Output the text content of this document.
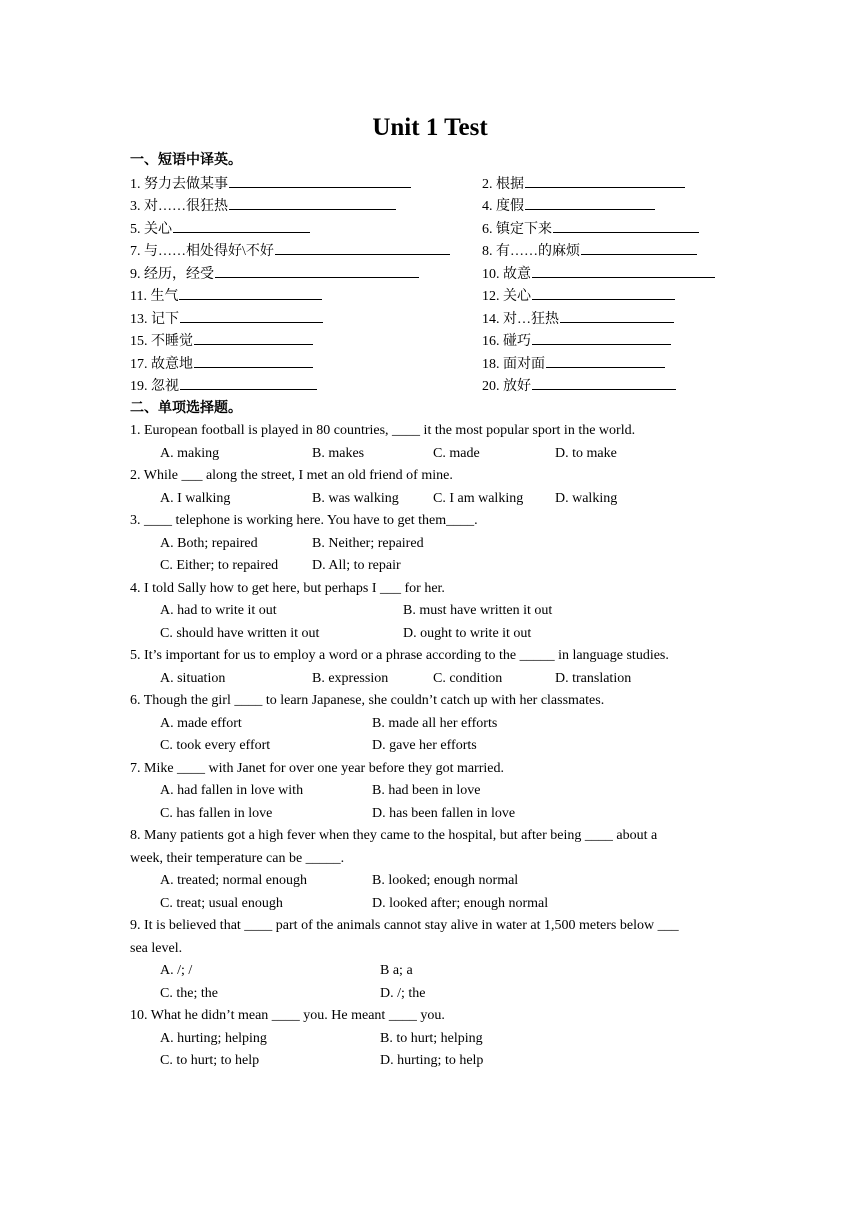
Unit 1 Test
一、短语中译英。
1. 努力去做某事	2. 根据
3. 对……很狂热	4. 度假
5. 关心	6. 镇定下来
7. 与……相处得好\不好	8. 有……的麻烦
9. 经历，经受	10. 故意
11. 生气	12. 关心
13. 记下	14. 对…狂热
15. 不睡觉	16. 碰巧
17. 故意地	18. 面对面
19. 忽视	20. 放好
二、单项选择题。
1. European football is played in 80 countries, ____ it the most popular sport in the world.
A. making	B. makes	C. made	D. to make
2. While ___ along the street, I met an old friend of mine.
A. I walking	B. was walking C. I am walking D. walking
3. ____ telephone is working here. You have to get them____.
A. Both; repaired	B. Neither; repaired
C. Either; to repaired D. All; to repair
4. I told Sally how to get here, but perhaps I ___ for her.
A. had to write it out	B. must have written it out
C. should have written it out	D. ought to write it out
5. It’s important for us to employ a word or a phrase according to the _____ in language studies.
A. situation	B. expression	C. condition	D. translation
6. Though the girl ____ to learn Japanese, she couldn’t catch up with her classmates.
A. made effort	B. made all her efforts
C. took every effort	D. gave her efforts
7. Mike ____ with Janet for over one year before they got married.
A. had fallen in love with	B. had been in love
C. has fallen in love	D. has been fallen in love
8. Many patients got a high fever when they came to the hospital, but after being ____ about a
week, their temperature can be _____.
A. treated; normal enough	B. looked; enough normal
C. treat; usual enough	D. looked after; enough normal
9. It is believed that ____ part of the animals cannot stay alive in water at 1,500 meters below ___
sea level.
A. /; /	B a; a
C. the; the	D. /; the
10. What he didn’t mean ____ you. He meant ____ you.
A. hurting; helping	B. to hurt; helping
C. to hurt; to help	D. hurting; to help
